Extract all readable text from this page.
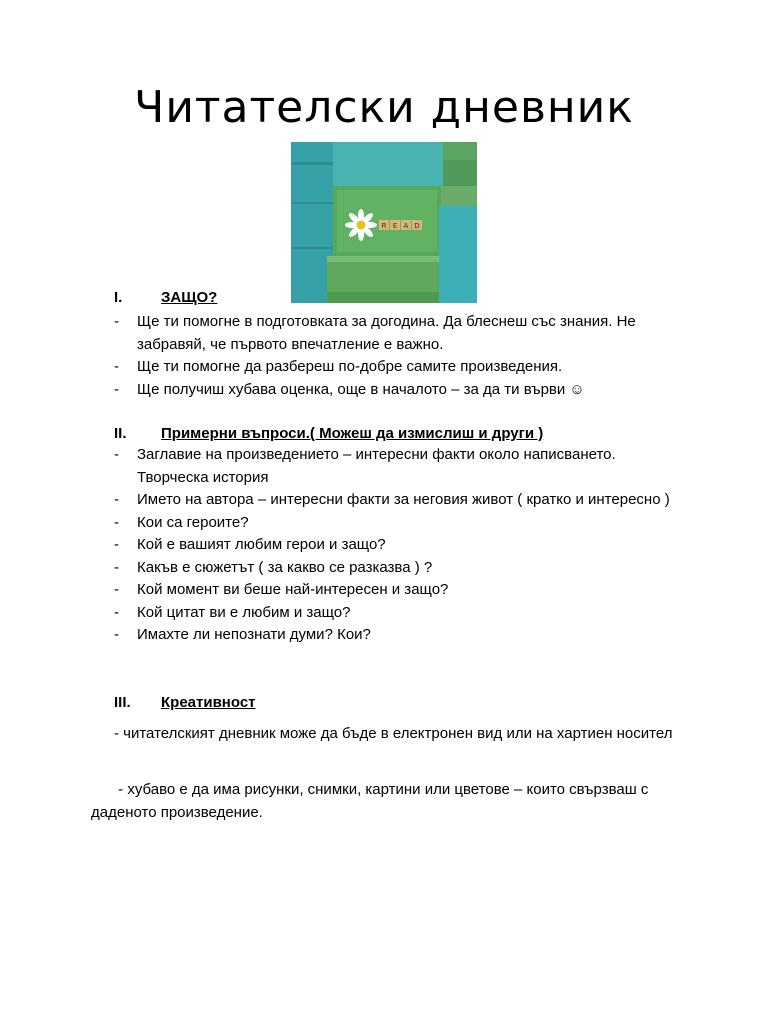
Читателски дневник
R E A D
I.	ЗАЩО?
- Ще ти помогне в подготовката за догодина. Да блеснеш със знания. Не забравяй, че първото впечатление е важно.
- Ще ти помогне да разбереш по-добре самите произведения.
- Ще получиш хубава оценка, още в началото – за да ти върви ☺
II. Примерни въпроси.( Можеш да измислиш и други )
- Заглавие на произведението – интересни факти около написването. Творческа история
- Името на автора – интересни факти за неговия живот ( кратко и интересно )
- Кои са героите?
- Кой е вашият любим герои и защо?
- Какъв е сюжетът ( за какво се разказва ) ?
- Кой момент ви беше най-интересен и защо?
- Кой цитат ви е любим и защо?
- Имахте ли непознати думи? Кои?
III. Креативност

- читателският дневник може да бъде в електронен вид или на хартиен носител

- хубаво е да има рисунки, снимки, картини или цветове – които свързваш с даденото произведение.
